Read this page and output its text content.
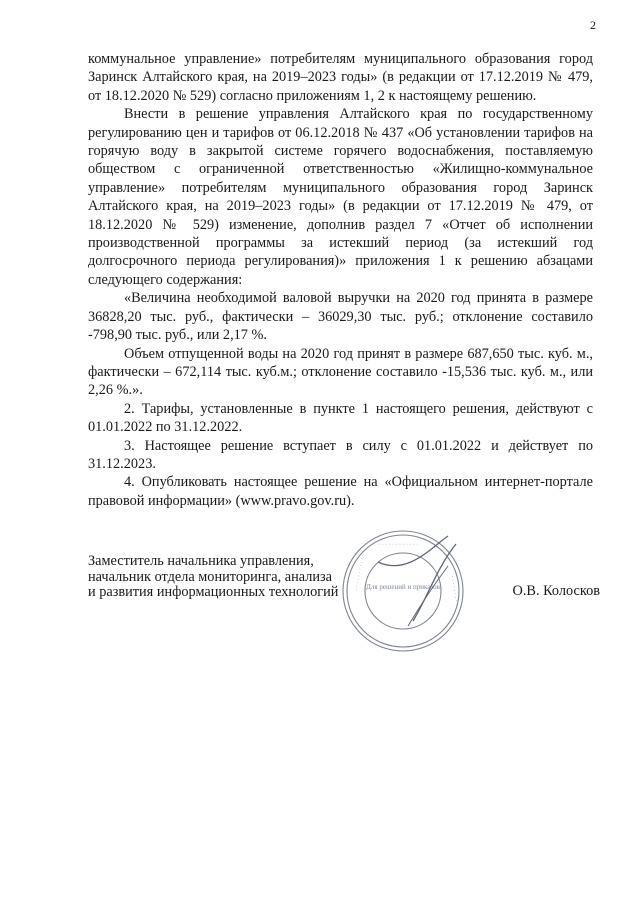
2

коммунальное управление» потребителям муниципального образования город Заринск Алтайского края, на 2019–2023 годы» (в редакции от 17.12.2019 № 479, от 18.12.2020 № 529) согласно приложениям 1, 2 к настоящему решению.

Внести в решение управления Алтайского края по государственному регулированию цен и тарифов от 06.12.2018 № 437 «Об установлении тарифов на горячую воду в закрытой системе горячего водоснабжения, поставляемую обществом с ограниченной ответственностью «Жилищно-коммунальное управление» потребителям муниципального образования город Заринск Алтайского края, на 2019–2023 годы» (в редакции от 17.12.2019 № 479, от 18.12.2020 № 529) изменение, дополнив раздел 7 «Отчет об исполнении производственной программы за истекший период (за истекший год долгосрочного периода регулирования)» приложения 1 к решению абзацами следующего содержания:

«Величина необходимой валовой выручки на 2020 год принята в размере 36828,20 тыс. руб., фактически – 36029,30 тыс. руб.; отклонение составило -798,90 тыс. руб., или 2,17 %.

Объем отпущенной воды на 2020 год принят в размере 687,650 тыс. куб. м., фактически – 672,114 тыс. куб.м.; отклонение составило -15,536 тыс. куб. м., или 2,26 %.».

2. Тарифы, установленные в пункте 1 настоящего решения, действуют с 01.01.2022 по 31.12.2022.

3. Настоящее решение вступает в силу с 01.01.2022 и действует по 31.12.2023.

4. Опубликовать настоящее решение на «Официальном интернет-портале правовой информации» (www.pravo.gov.ru).

Заместитель начальника управления,
начальник отдела мониторинга, анализа
и развития информационных технологий
· · · · · · · · · · · ·
· · · · · · · · · · · ·	· · · · · · · · ·
Для решений и приказов	О.В. Колосков
